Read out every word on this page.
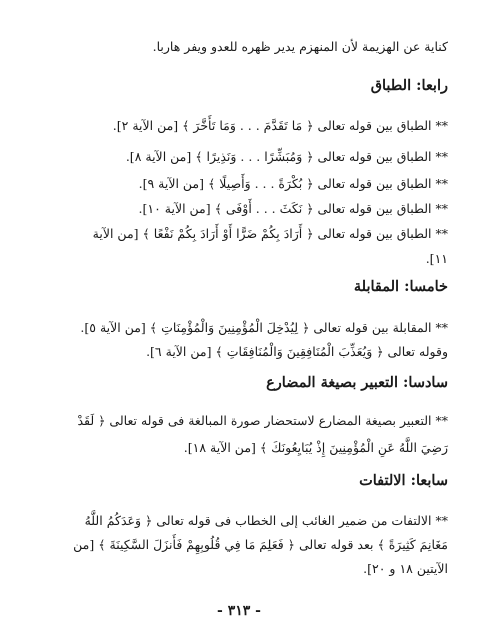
كناية عن الهزيمة لأن المنهزم يدير ظهره للعدو ويفر هاربا.
رابعا: الطباق
** الطباق بين قوله تعالى ﴿ مَا تَقَدَّمَ . . . وَمَا تَأَخَّرَ ﴾ [من الآية ٢].
** الطباق بين قوله تعالى ﴿ وَمُبَشِّرًا . . . وَنَذِيرًا ﴾ [من الآية ٨].
** الطباق بين قوله تعالى ﴿ بُكْرَةً . . . وَأَصِيلًا ﴾ [من الآية ٩].
** الطباق بين قوله تعالى ﴿ نَكَثَ . . . أَوْفَى ﴾ [من الآية ١٠].
** الطباق بين قوله تعالى ﴿ أَرَادَ بِكُمْ ضَرًّا أَوْ أَرَادَ بِكُمْ نَفْعًا ﴾ [من الآية
١١].
خامسا: المقابلة
** المقابلة بين قوله تعالى ﴿ لِيُدْخِلَ الْمُؤْمِنِينَ وَالْمُؤْمِنَاتِ ﴾ [من الآية ٥].
وقوله تعالى ﴿ وَيُعَذِّبَ الْمُنَافِقِينَ وَالْمُنَافِقَاتِ ﴾ [من الآية ٦].
سادسا: التعبير بصيغة المضارع
** التعبير بصيغة المضارع لاستحضار صورة المبالغة فى قوله تعالى ﴿ لَقَدْ
رَضِيَ اللَّهُ عَنِ الْمُؤْمِنِينَ إِذْ يُبَايِعُونَكَ ﴾ [من الآية ١٨].
سابعا: الالتفات
** الالتفات من ضمير الغائب إلى الخطاب فى قوله تعالى ﴿ وَعَدَكُمُ اللَّهُ
مَغَانِمَ كَثِيرَةً ﴾ بعد قوله تعالى ﴿ فَعَلِمَ مَا فِي قُلُوبِهِمْ فَأَنزَلَ السَّكِينَةَ ﴾ [من
الآيتين ١٨ و ٢٠].
- ٣١٣ -
